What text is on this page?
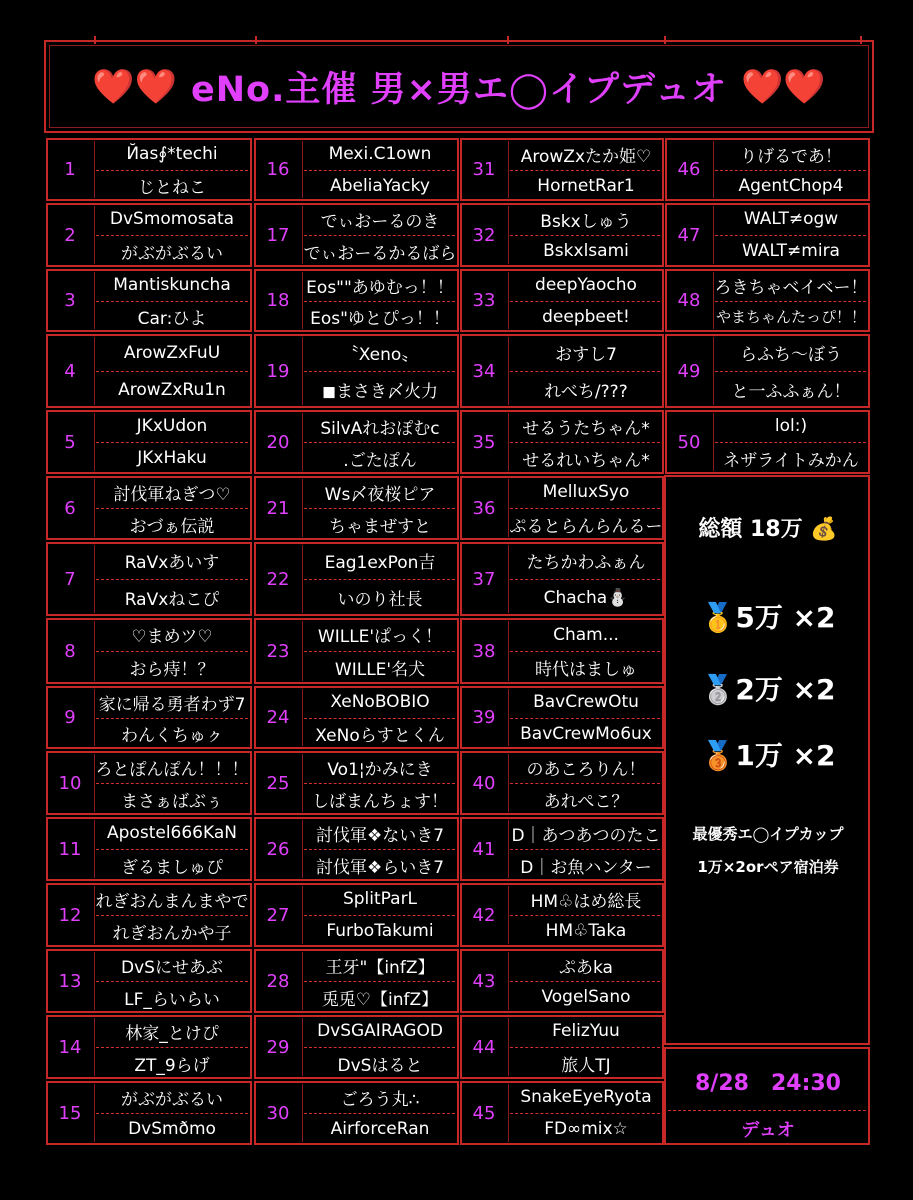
❤️❤️ eNo.主催 男×男エ◯イプデュオ ❤️❤️
1
Йas∮*techi
じとねこ
2
DvSmomosata
がぶがぶるい
3
Mantiskuncha
Car:ひよ
4
ArowZxFuU
ArowZxRu1n
5
JKxUdon
JKxHaku
6
討伐軍ねぎつ♡
おづぁ伝説
7
RaVxあいす
RaVxねこぴ
8
♡まめツ♡
おら痔！？
9
家に帰る勇者わず7
わんくちゅㇰ
10
ろとぽんぽん！！！
まさぁばぶぅ
11
Apostel666KaN
ぎるましゅぴ
12
れぎおんまんまやで
れぎおんかや子
13
DvSにせあぶ
LF_らいらい
14
林家_とけぴ
ZT_9らげ
15
がぶがぶるい
DvSmðmo
16
Mexi.C1own
AbeliaYacky
17
でぃおーるのき
でぃおーるかるばら
18
Eos""あゆむっ！！
Eos"ゆとぴっ！！
19
〝Xeno〟
◼︎まさき〆火力
20
SilvAれおぽむc
.ごたぽん
21
Ws〆夜桜ピア
ちゃまぜすと
22
Eag1exPon吉
いのり社長
23
WILLE'ぱっく！
WILLE'名犬
24
XeNoBOBIO
XeNoらすとくん
25
Vo1¦かみにき
しばまんちょす！
26
討伐軍❖ないき7
討伐軍❖らいき7
27
SplitParL
FurboTakumi
28
王牙"【infZ】
兎兎♡【infZ】
29
DvSGAIRAGOD
DvSはると
30
ごろう丸∴
AirforceRan
31
ArowZxたか姫♡
HornetRar1
32
Bskxしゅう
Bskxlsami
33
deepYaocho
deepbeet!
34
おすし7
れべち/???
35
せるうたちゃん*
せるれいちゃん*
36
MelluxSyo
ぷるとらんらんるー
37
たちかわふぁん
Chacha⛄
38
Cham...
時代はましゅ
39
BavCrewOtu
BavCrewMo6ux
40
のあころりん！
あれぺこ？
41
D｜あつあつのたこ
D｜お魚ハンター
42
HM♧はめ総長
HM♧Taka
43
ぷあka
VogelSano
44
FelizYuu
旅人TJ
45
SnakeEyeRyota
FD∞mix☆
46
りげるであ！
AgentChop4
47
WALT≠ogw
WALT≠mira
48
ろきちゃベイベー！
やまちゃんたっぴ！！
49
らふち〜ぼう
と一ふふぁん！
50
lol:)
ネザライトみかん
総額 18万 💰
🥇5万 ×2
🥈2万 ×2
🥉1万 ×2
最優秀エ◯イプカップ
1万×2orペア宿泊券
8/28　24:30
デュオ
